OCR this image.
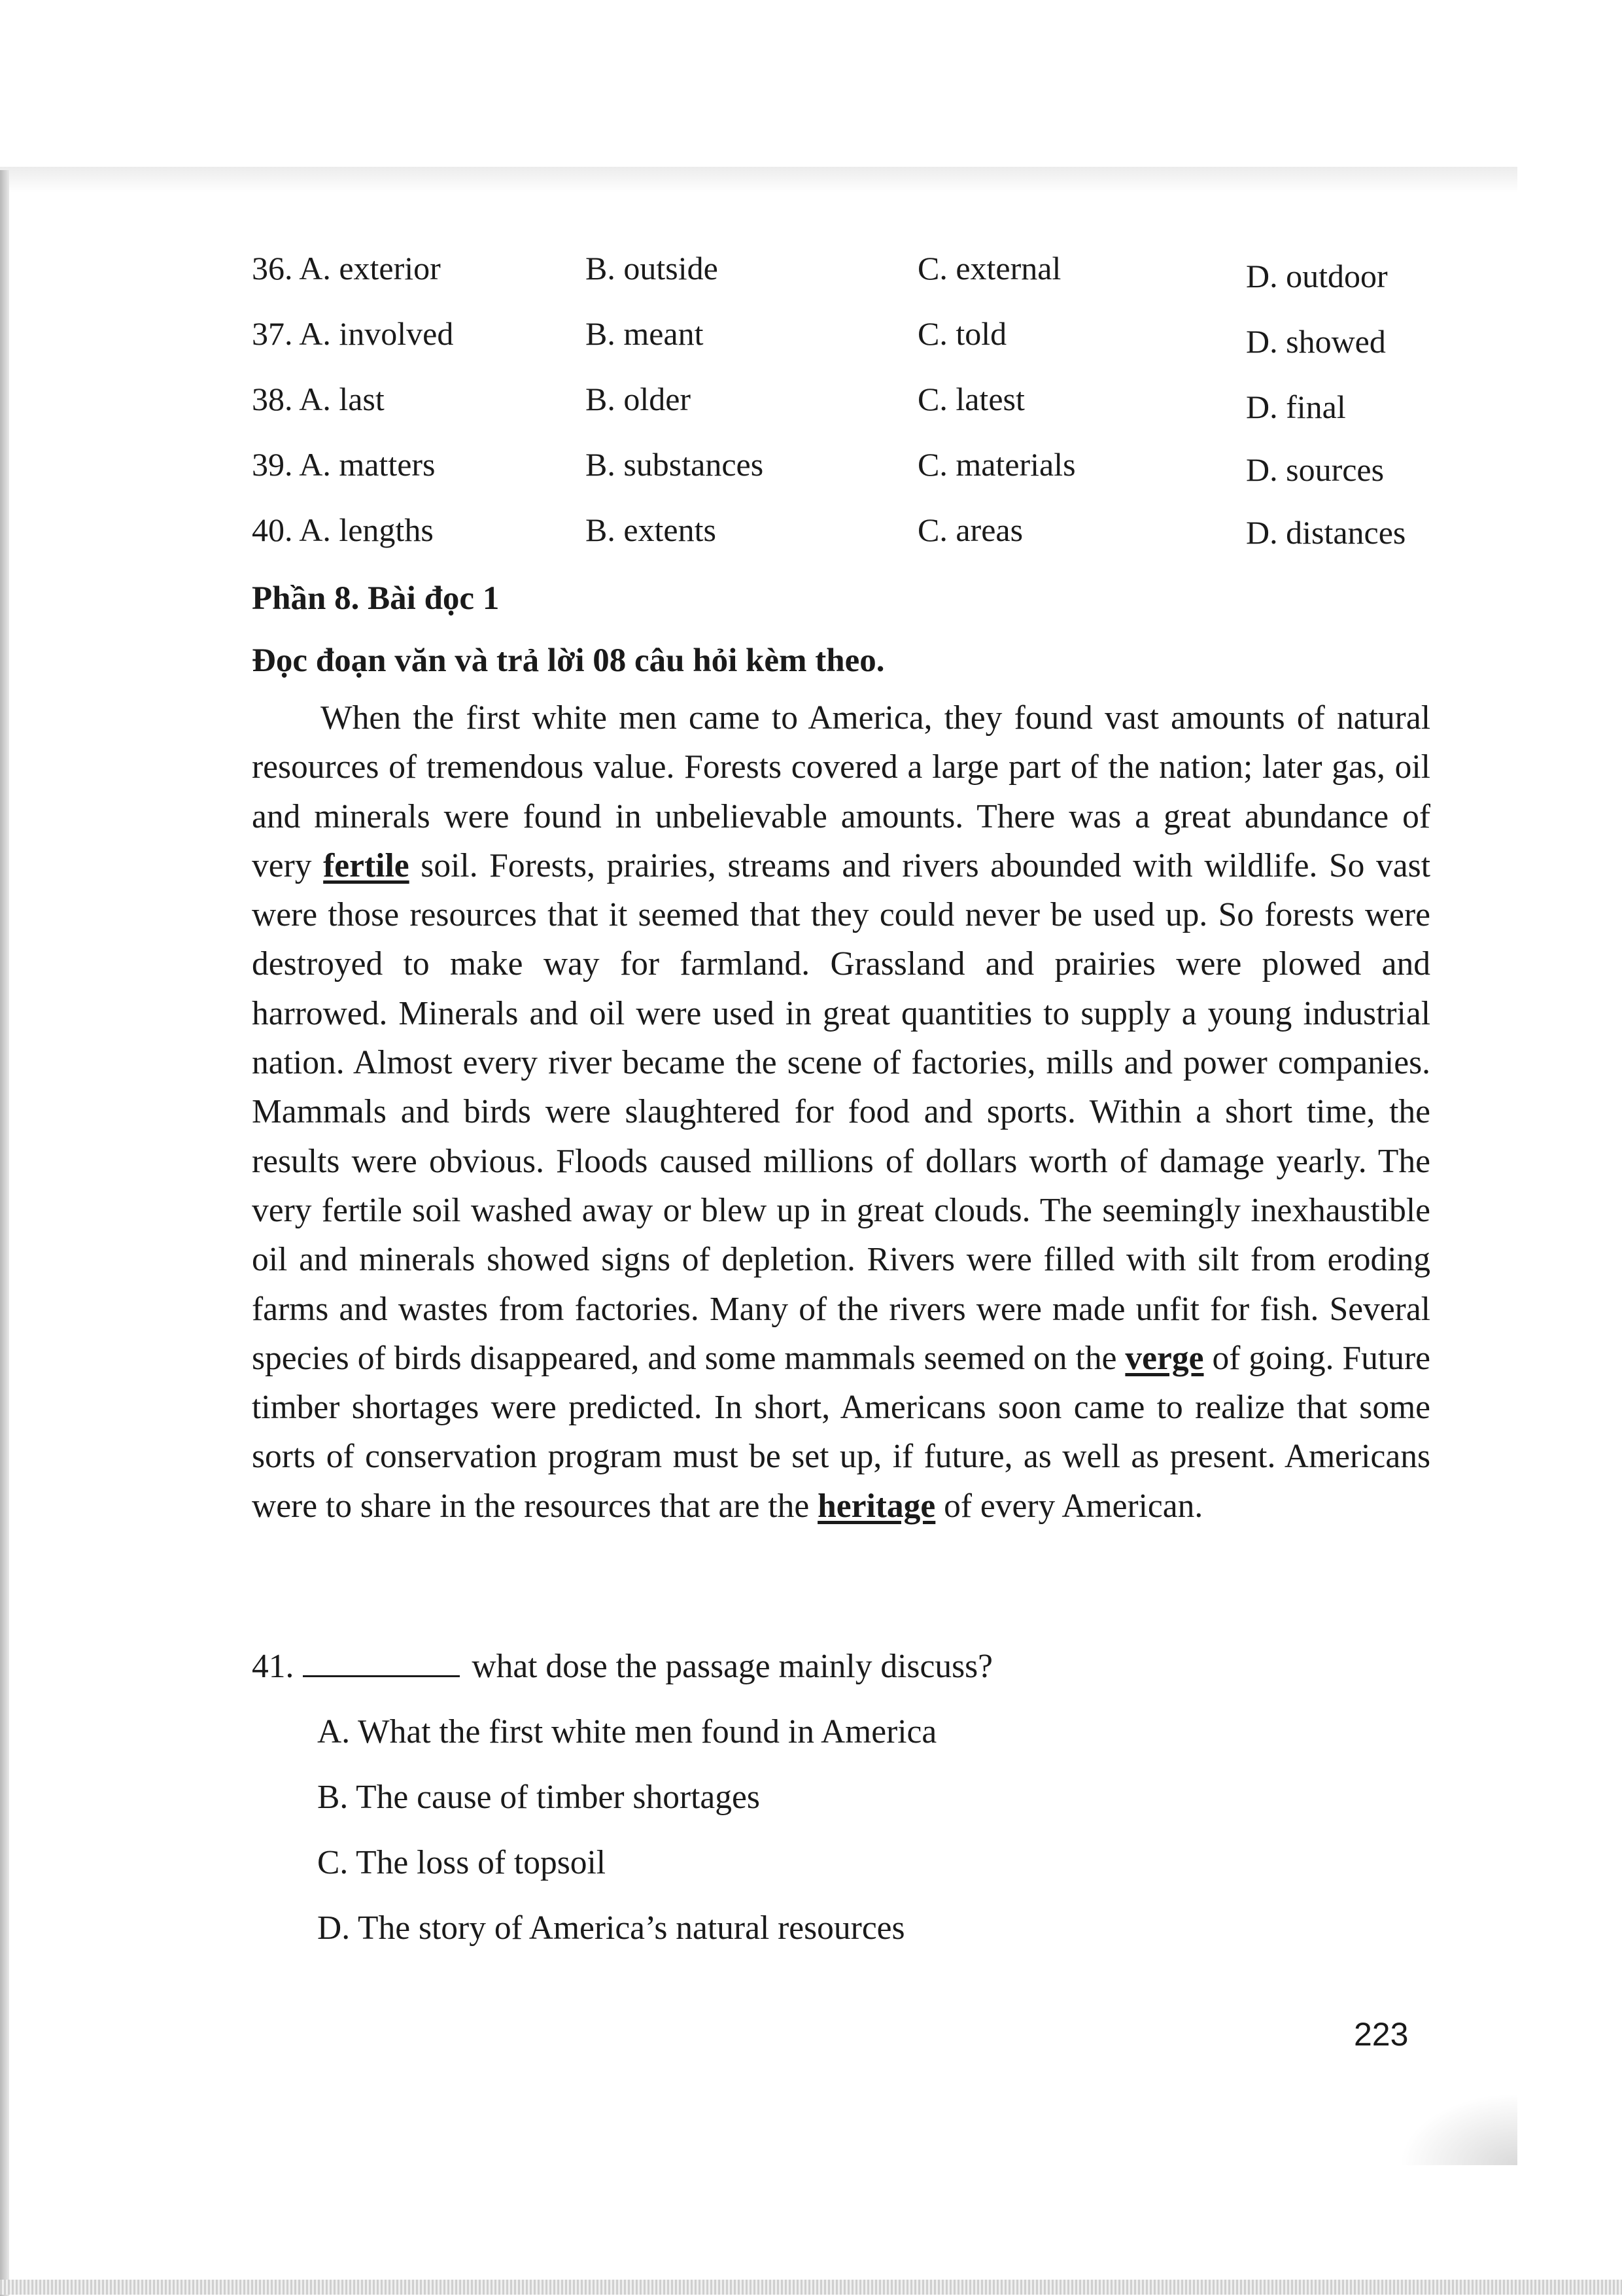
36. A. exterior	B. outside	C. external	D. outdoor
37. A. involved	B. meant	C. told	D. showed
38. A. last	B. older	C. latest	D. final
39. A. matters	B. substances	C. materials	D. sources
40. A. lengths	B. extents	C. areas	D. distances
Phần 8. Bài đọc 1
Đọc đoạn văn và trả lời 08 câu hỏi kèm theo.

When the first white men came to America, they found vast amounts of natural resources of tremendous value. Forests covered a large part of the nation; later gas, oil and minerals were found in unbelievable amounts. There was a great abundance of very fertile soil. Forests, prairies, streams and rivers abounded with wildlife. So vast were those resources that it seemed that they could never be used up. So forests were destroyed to make way for farmland. Grassland and prairies were plowed and harrowed. Minerals and oil were used in great quantities to supply a young industrial nation. Almost every river became the scene of factories, mills and power companies. Mammals and birds were slaughtered for food and sports. Within a short time, the results were obvious. Floods caused millions of dollars worth of damage yearly. The very fertile soil washed away or blew up in great clouds. The seemingly inexhaustible oil and minerals showed signs of depletion. Rivers were filled with silt from eroding farms and wastes from factories. Many of the rivers were made unfit for fish. Several species of birds disappeared, and some mammals seemed on the verge of going. Future timber shortages were predicted. In short, Americans soon came to realize that some sorts of conservation program must be set up, if future, as well as present. Americans were to share in the resources that are the heritage of every American.

41.	what dose the passage mainly discuss?
A. What the first white men found in America
B. The cause of timber shortages
C. The loss of topsoil
D. The story of America’s natural resources
223
